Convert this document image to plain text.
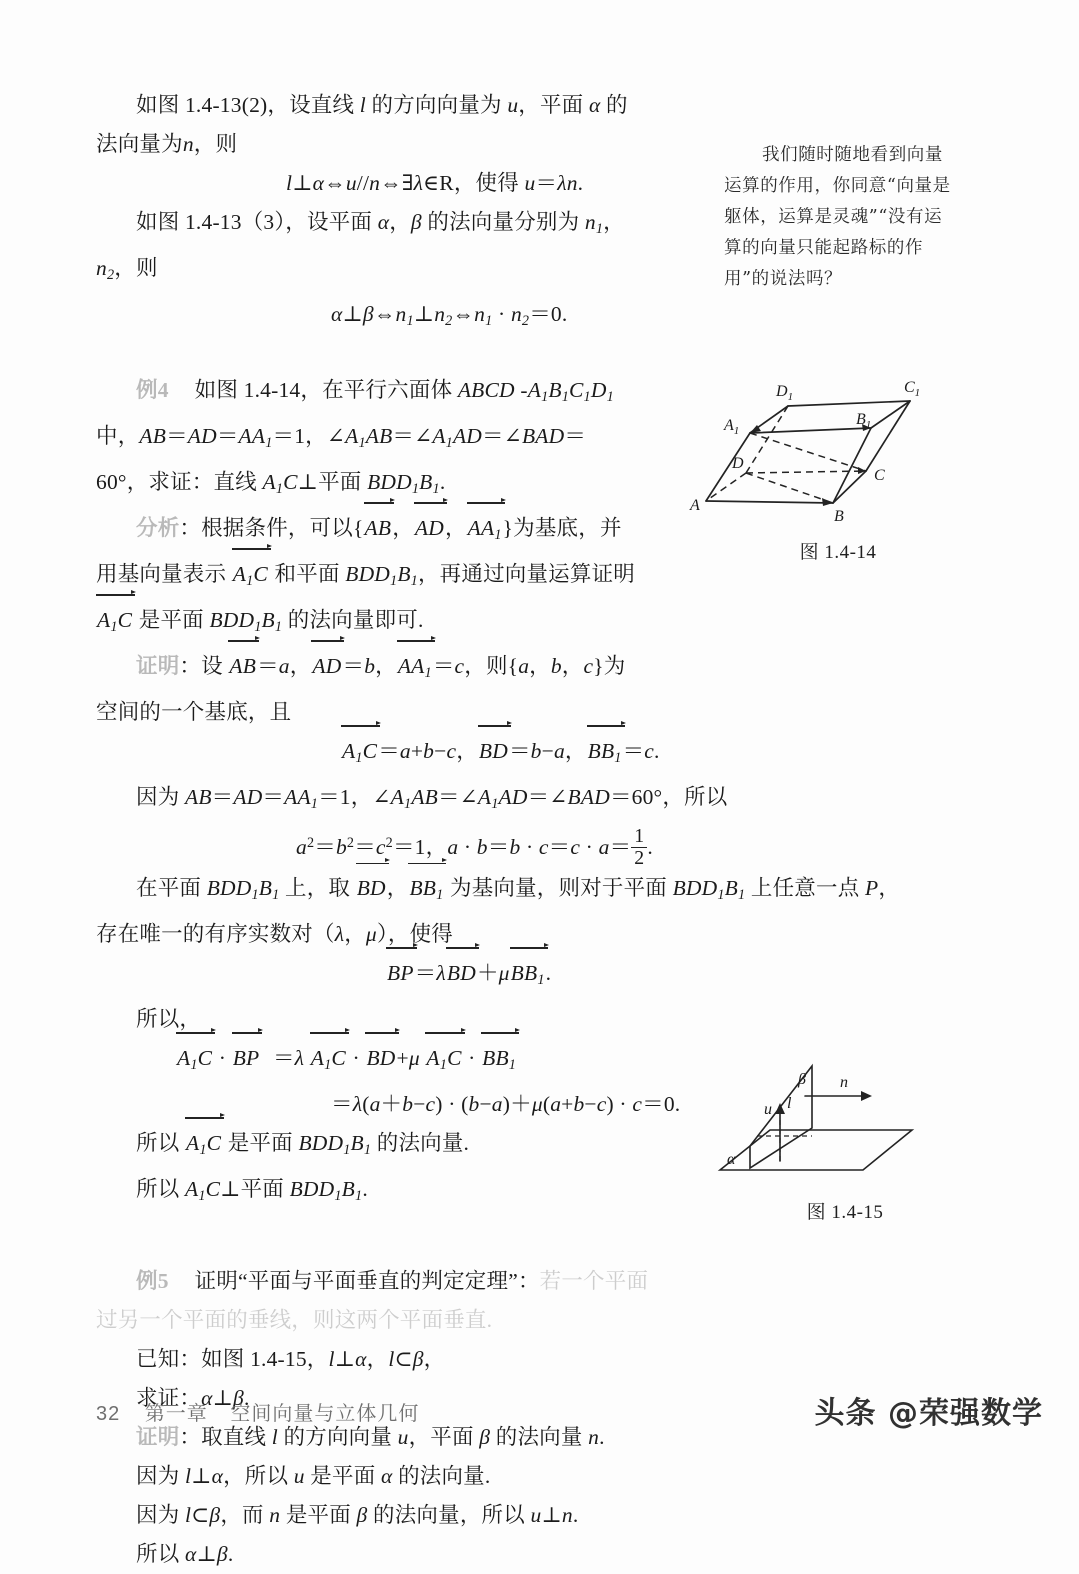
如图 1.4-13(2)，设直线 l 的方向向量为 u，平面 α 的
法向量为n，则
l⊥α⇔u//n⇔∃λ∈R，使得 u＝λn.
如图 1.4-13（3），设平面 α，β 的法向量分别为 $n_1$，
$n_2$，则
$\alpha\perp\beta\Leftrightarrow n_1\perp n_2\Leftrightarrow n_1 \cdot n_2=0$.
例4 如图 1.4-14，在平行六面体 ABCD $-A_1B_1C_1D_1$
中，$AB=AD=AA_1=1$，$\angle A_1AB=\angle A_1AD=\angle BAD=$
60°，求证：直线 $A_1C\perp$平面 $BDD_1B_1$.
分析：根据条件，可以{AB，AD，$AA_1$}为基底，并
用基向量表示 $A_1C$ 和平面 $BDD_1B_1$，再通过向量运算证明
$A_1C$ 是平面 $BDD_1B_1$ 的法向量即可.
证明：设 AB＝a，AD＝b，$AA_1=c$，则{a，b，c}为
空间的一个基底，且
$A_1C=a+b-c$，BD＝b−a，$BB_1=c$.
因为 $AB=AD=AA_1=1$，$\angle A_1AB=\angle A_1AD=\angle BAD=60^\circ$，所以
$a^2=b^2=c^2=1$，$a \cdot b=b \cdot c=c \cdot a= \frac{1}{2}$ .
在平面 $BDD_1B_1$ 上，取 BD，$BB_1$ 为基向量，则对于平面 $BDD_1B_1$ 上任意一点 P，
存在唯一的有序实数对（λ，μ），使得
BP＝λBD＋μBB$_1$.
所以，
$A_1C$ · BP ＝λ $A_1C \cdot BD+\mu$ $A_1C \cdot BB_1$
＝λ(a＋b−c) · (b−a)＋μ(a+b−c) · c＝0.
所以 $A_1C$ 是平面 $BDD_1B_1$ 的法向量.
所以 $A_1C\perp$平面 $BDD_1B_1$.
例5 证明“平面与平面垂直的判定定理”：若一个平面
过另一个平面的垂线，则这两个平面垂直.
已知：如图 1.4-15，l⊥α，l⊂β，
求证：α⊥β.
证明：取直线 l 的方向向量 u，平面 β 的法向量 n.
因为 l⊥α，所以 u 是平面 α 的法向量.
因为 l⊂β，而 n 是平面 β 的法向量，所以 u⊥n.
所以 α⊥β.
我们随时随地看到向量运算的作用，你同意“向量是躯体，运算是灵魂”“没有运算的向量只能起路标的作用”的说法吗？
A
B
C
D
$A_1$
$B_1$
$C_1$
$D_1$
图 1.4-14
α
β
l
u
n
图 1.4-15
32 第一章 空间向量与立体几何	头条 @荣强数学
